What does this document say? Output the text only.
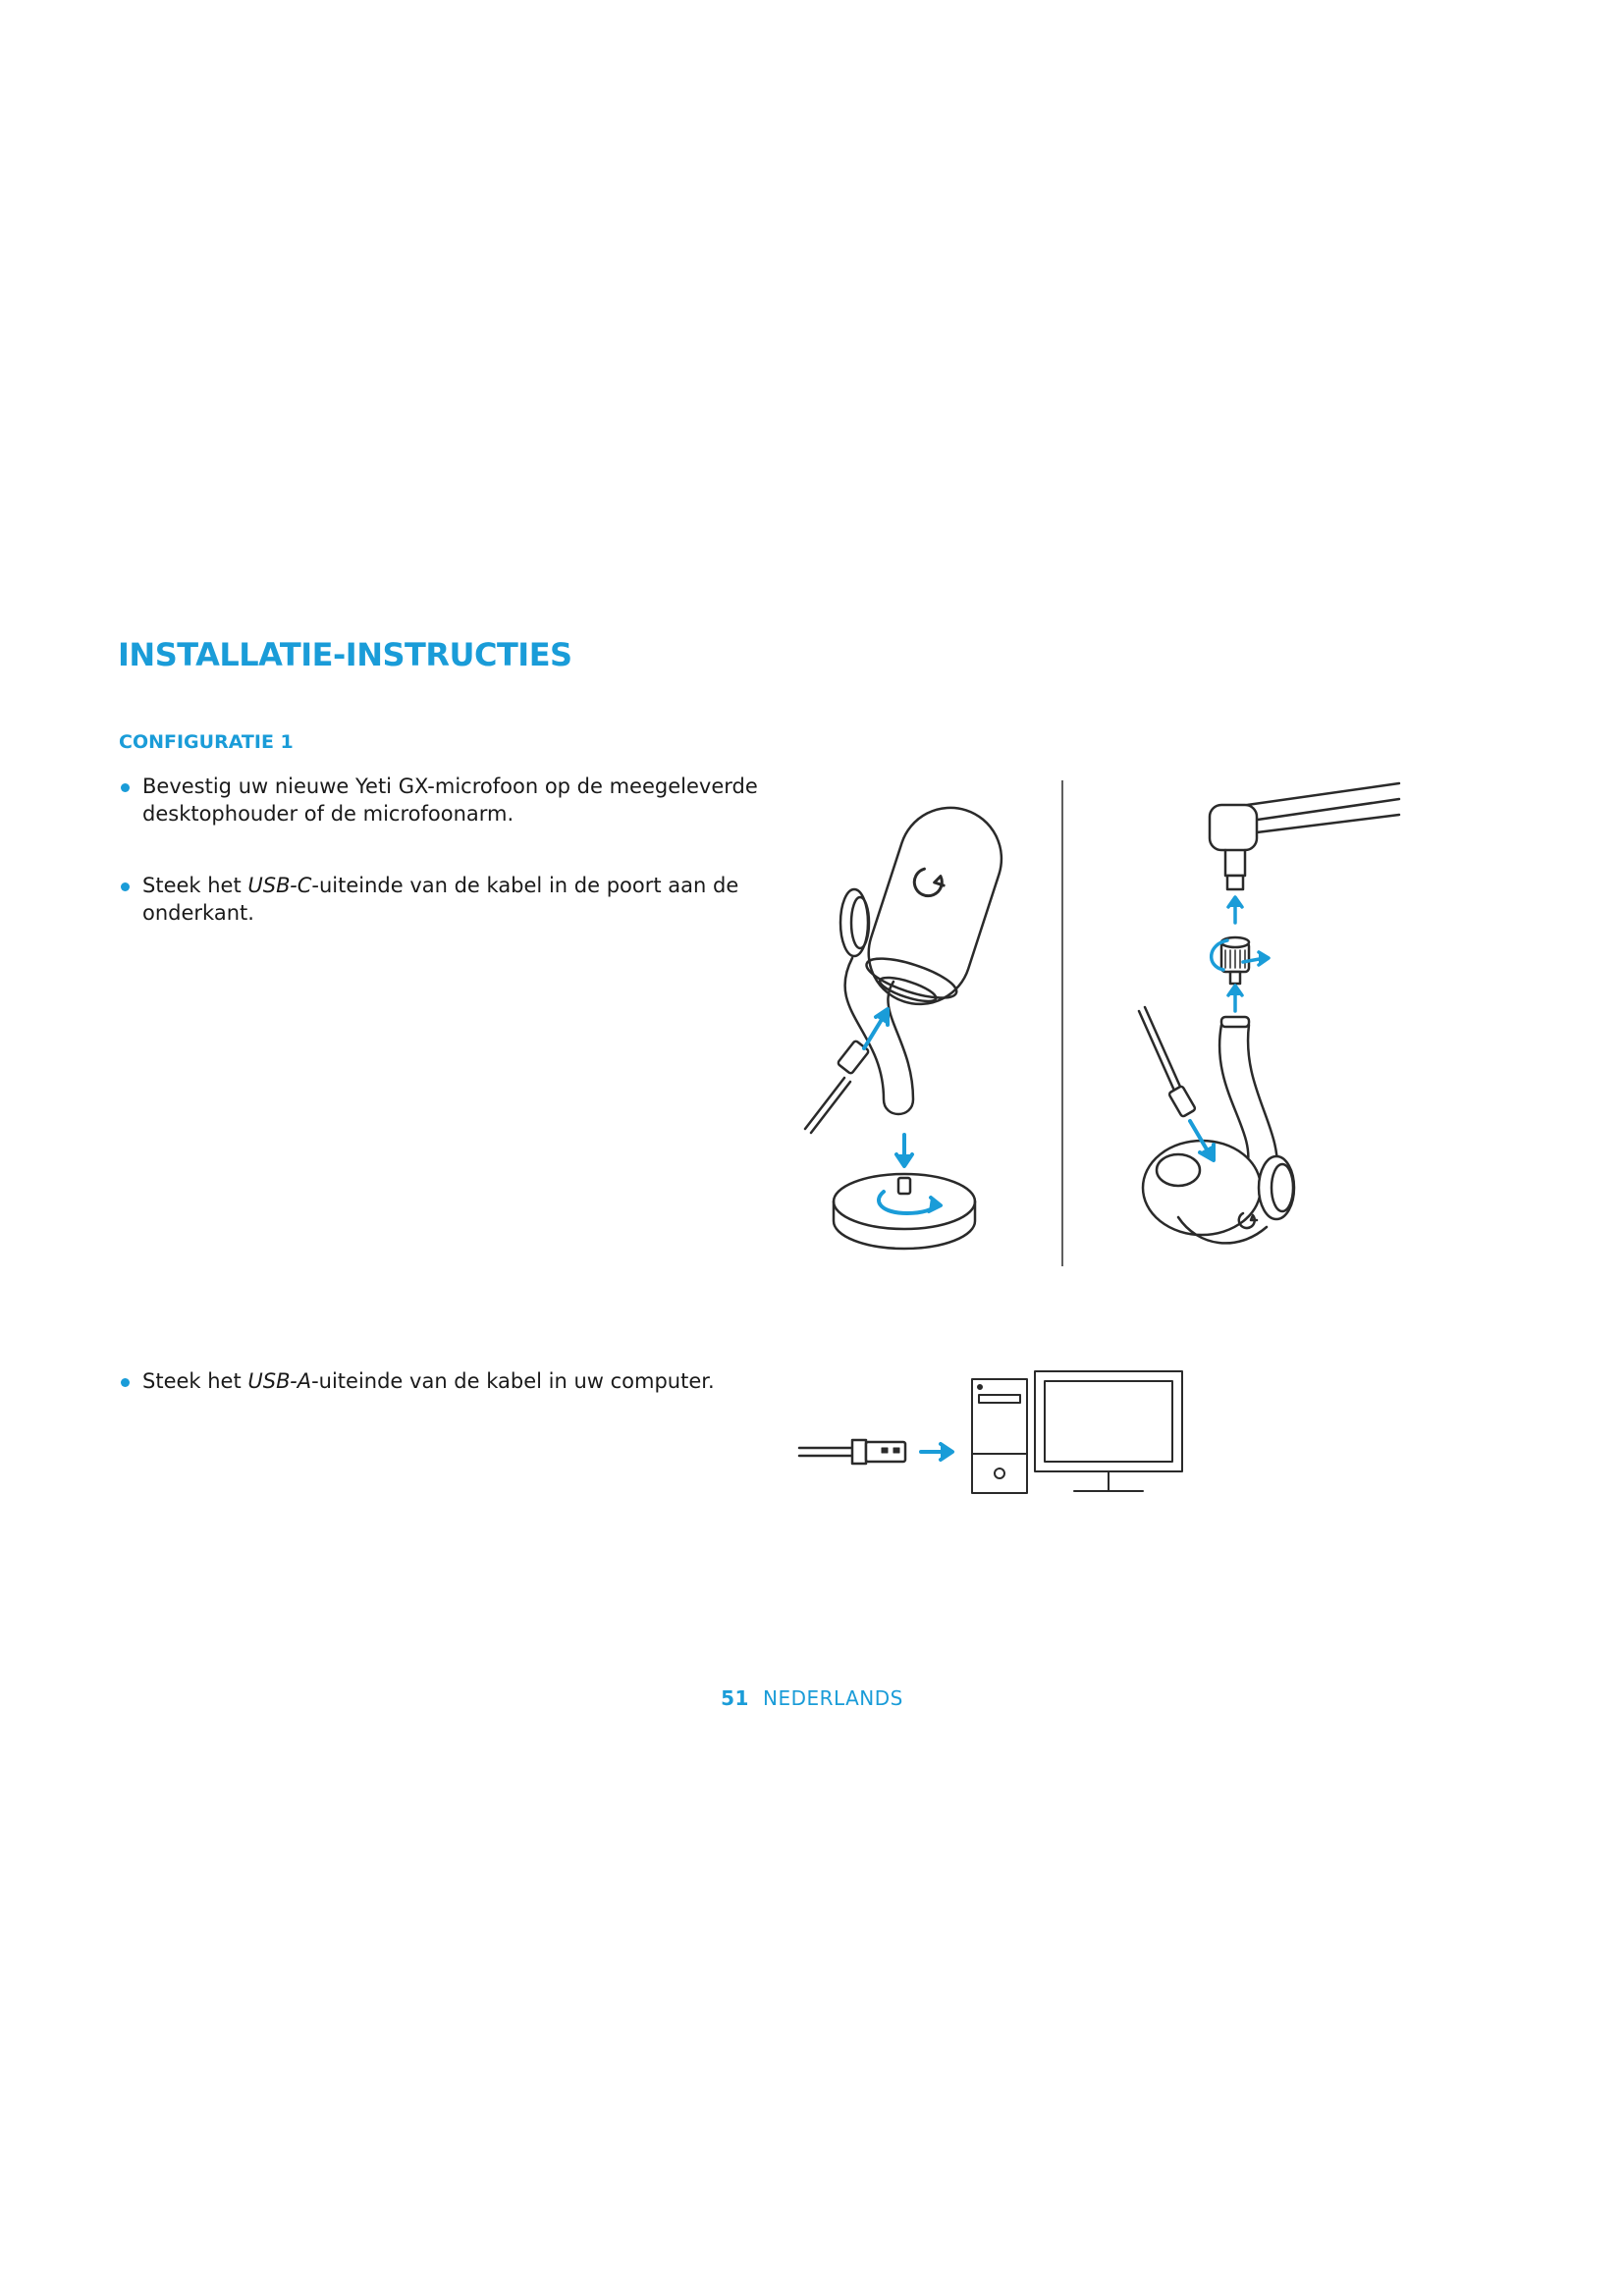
INSTALLATIE-INSTRUCTIES
CONFIGURATIE 1
Bevestig uw nieuwe Yeti GX-microfoon op de meegeleverde desktophouder of de microfoonarm.
Steek het USB-C-uiteinde van de kabel in de poort aan de onderkant.
Steek het USB-A-uiteinde van de kabel in uw computer.
51 NEDERLANDS
